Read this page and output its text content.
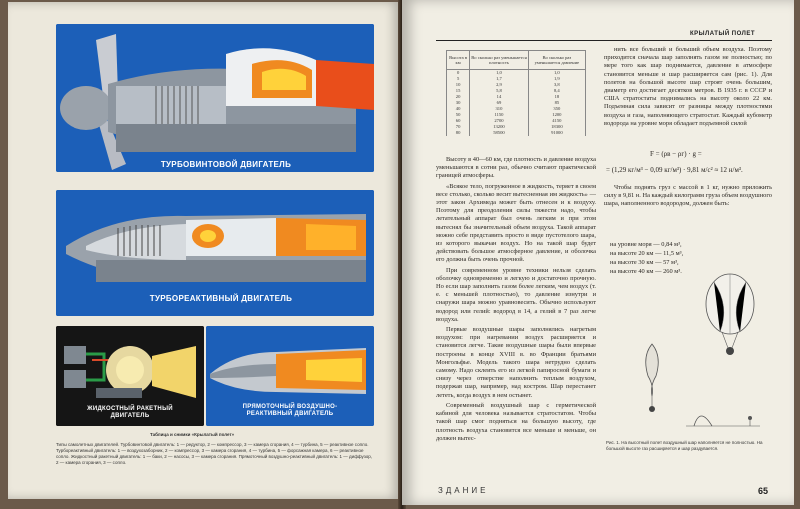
ТУРБОВИНТОВОЙ ДВИГАТЕЛЬ
ТУРБОРЕАКТИВНЫЙ ДВИГАТЕЛЬ
ЖИДКОСТНЫЙ РАКЕТНЫЙ ДВИГАТЕЛЬ
ПРЯМОТОЧНЫЙ ВОЗДУШНО-РЕАКТИВНЫЙ ДВИГАТЕЛЬ
Таблица и снимки «Крылатый полет»
Типы самолетных двигателей. Турбовинтовой двигатель: 1 — редуктор, 2 — компрессор, 3 — камера сгорания, 4 — турбина, 5 — реактивное сопло. Турбореактивный двигатель: 1 — воздухозаборник, 2 — компрессор, 3 — камера сгорания, 4 — турбина, 5 — форсажная камера, 6 — реактивное сопло. Жидкостный ракетный двигатель: 1 — баки, 2 — насосы, 3 — камера сгорания. Прямоточный воздушно-реактивный двигатель: 1 — диффузор, 2 — камера сгорания, 3 — сопло.
КРЫЛАТЫЙ ПОЛЕТ
Высота в км	Во сколько раз уменьшается плотность	Во сколько раз уменьшается давление
0	1,0	1,0
5	1,7	1,9
10	2,9	3,8
15	5,8	8,4
20	14	18
30	69	85
40	310	350
50	1150	1200
60	2700	4150
70	13200	18300
80	58500	91000

Высоту в 40—60 км, где плотность и давление воздуха уменьшаются в сотни раз, обычно считают практической границей атмосферы.

«Всякое тело, погруженное в жидкость, теряет в своем весе столько, сколько весит вытесненная им жидкость» — этот закон Архимеда может быть отнесен и к воздуху. Поэтому для преодоления силы тяжести надо, чтобы летательный аппарат был очень легким и при этом вытеснял бы значительный объем воздуха. Такой аппарат можно себе представить просто в виде пустотелого шара, из которого выкачан воздух. Но на такой шар будет действовать большое атмосферное давление, и оболочка его должна быть очень прочной.

При современном уровне техники нельзя сделать оболочку одновременно и легкую и достаточно прочную. Но если шар заполнить газом более легким, чем воздух (т. е. с меньшей плотностью), то давление изнутри и снаружи шара можно уравновесить. Обычно используют водород или гелий: водород в 14, а гелий в 7 раз легче воздуха.

Первые воздушные шары заполнялись нагретым воздухом: при нагревании воздух расширяется и становится легче. Такие воздушные шары были впервые построены в конце XVIII в. во Франции братьями Монгольфье. Модель такого шара нетрудно сделать самому. Надо склеить его из легкой папиросной бумаги и снизу через отверстие наполнить теплым воздухом, подержав шар, например, над костром. Шар перестанет лететь, когда воздух в нем остынет.

Современный воздушный шар с герметической кабиной для человека называется стратостатом. Чтобы такой шар смог подняться на большую высоту, где плотность воздуха становится все меньше и меньше, он должен вытес-

нить все больший и больший объем воздуха. Поэтому приходится сначала шар заполнять газом не полностью; по мере того как шар поднимается, давление в атмосфере становится меньше и шар расширяется сам (рис. 1). Для полетов на большой высоте шар строят очень большим, диаметр его достигает десятков метров. В 1935 г. в СССР и США стратостаты поднимались на высоту около 22 км. Подъемная сила зависит от разницы между плотностями воздуха и газа, наполняющего стратостат. Каждый кубометр водорода на уровне моря обладает подъемной силой

F = (ρв − ρг) · g =
= (1,29 кг/м³ − 0,09 кг/м³) · 9,81 м/с² ≈ 12 н/м³.
Чтобы поднять груз с массой в 1 кг, нужно приложить силу в 9,81 н. На каждый килограмм груза объем воздушного шара, наполненного водородом, должен быть:
на уровне моря — 0,84 м³,
на высоте 20 км — 11,5 м³,
на высоте 30 км — 57 м³,
на высоте 40 км — 260 м³.
Рис. 1. На высотный полет воздушный шар наполняется не полностью. На большой высоте газ расширяется и шар раздувается.
ЗДАНИЕ	65
